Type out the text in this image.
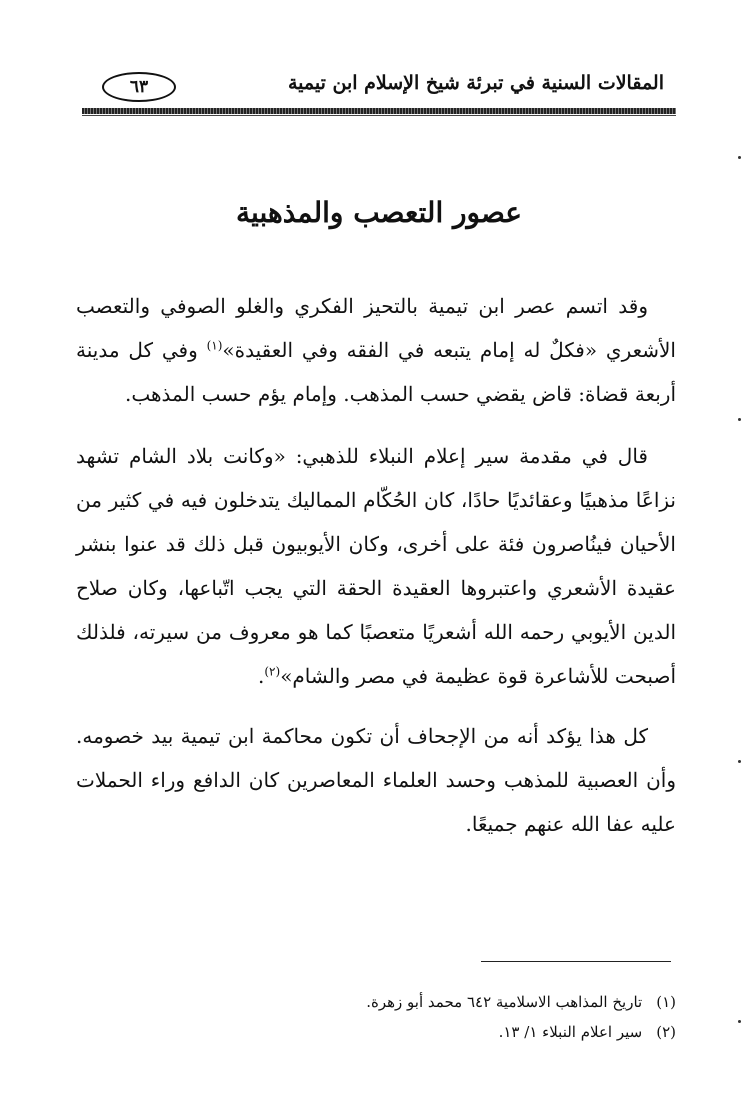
المقالات السنية في تبرئة شيخ الإسلام ابن تيمية
٦٣
عصور التعصب والمذهبية

وقد اتسم عصر ابن تيمية بالتحيز الفكري والغلو الصوفي والتعصب الأشعري «فكلٌ له إمام يتبعه في الفقه وفي العقيدة»$^{(١)}$ وفي كل مدينة أربعة قضاة: قاض يقضي حسب المذهب. وإمام يؤم حسب المذهب.

قال في مقدمة سير إعلام النبلاء للذهبي: «وكانت بلاد الشام تشهد نزاعًا مذهبيًا وعقائديًا حادًا، كان الحُكّام المماليك يتدخلون فيه في كثير من الأحيان فينُاصرون فئة على أخرى، وكان الأيوبيون قبل ذلك قد عنوا بنشر عقيدة الأشعري واعتبروها العقيدة الحقة التي يجب اتّباعها، وكان صلاح الدين الأيوبي رحمه الله أشعريًا متعصبًا كما هو معروف من سيرته، فلذلك أصبحت للأشاعرة قوة عظيمة في مصر والشام»$^{(٢)}$.

كل هذا يؤكد أنه من الإجحاف أن تكون محاكمة ابن تيمية بيد خصومه. وأن العصبية للمذهب وحسد العلماء المعاصرين كان الدافع وراء الحملات عليه عفا الله عنهم جميعًا.

(١)
تاريخ المذاهب الاسلامية ٦٤٢ محمد أبو زهرة.
(٢)
سير اعلام النبلاء ١/ ١٣.
